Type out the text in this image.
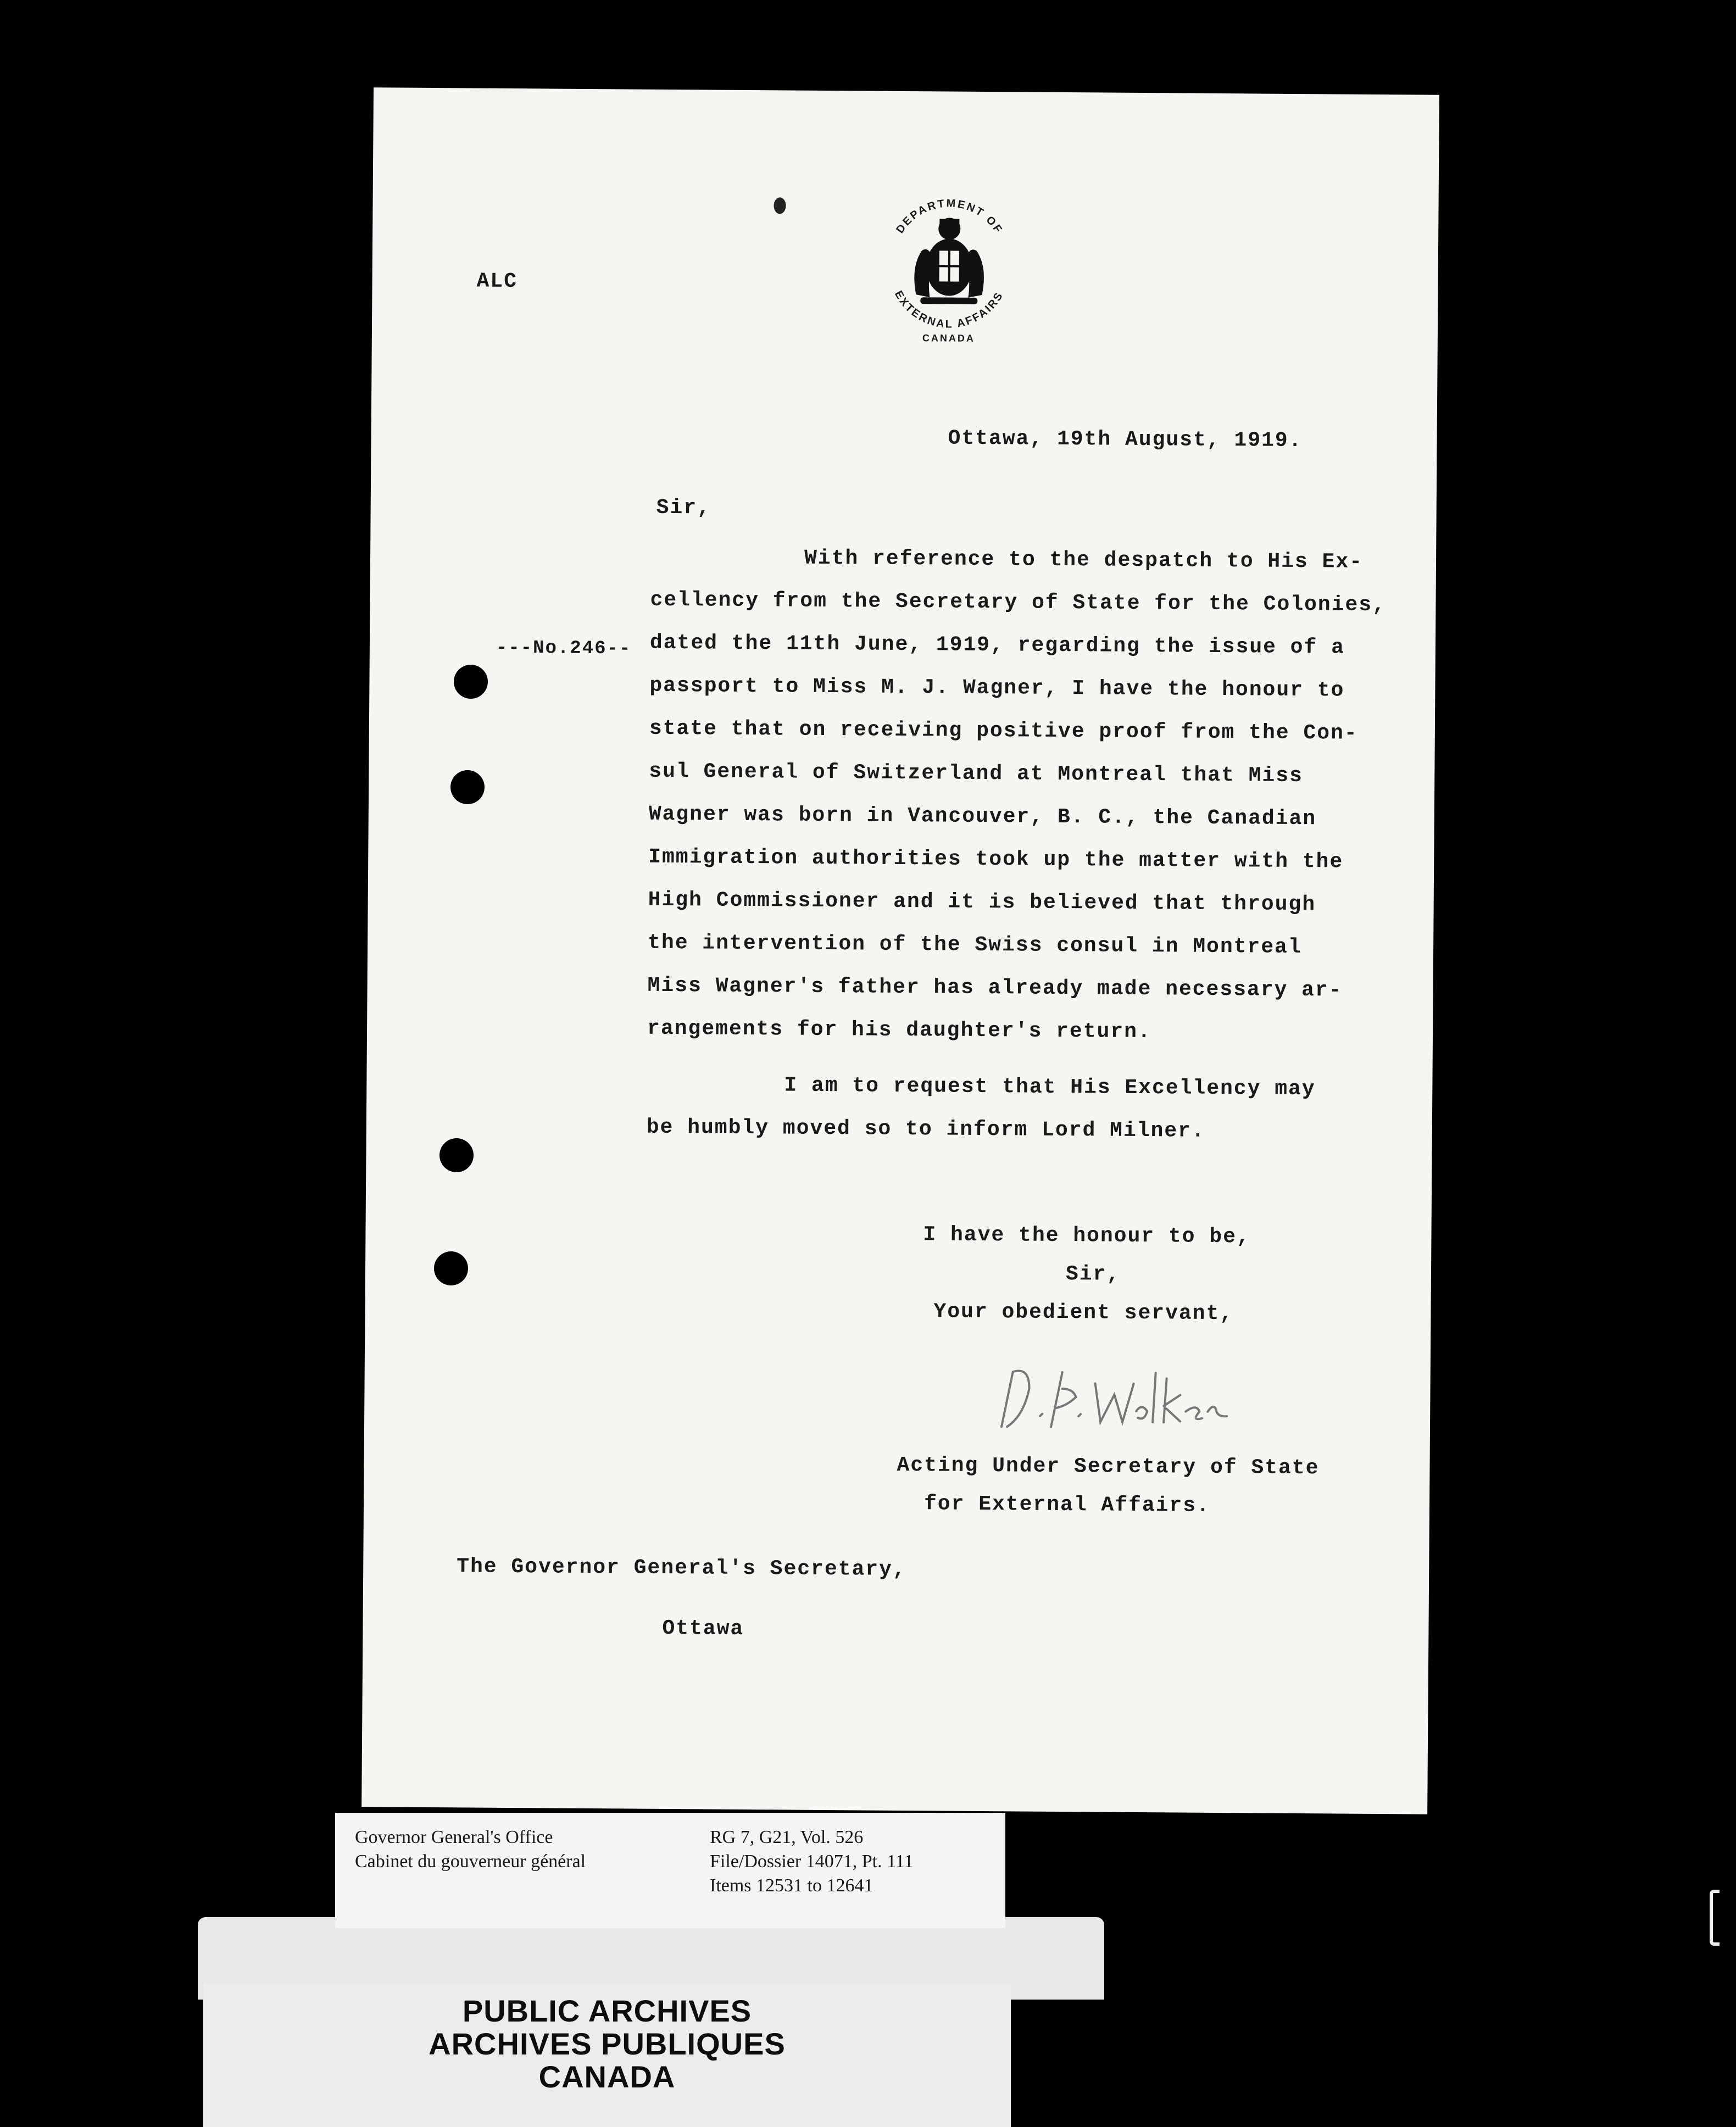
DEPARTMENT OF
EXTERNAL AFFAIRS
CANADA
ALC
Ottawa, 19th August, 1919.
Sir,
---No.246--
With reference to the despatch to His Ex-
cellency from the Secretary of State for the Colonies,
dated the 11th June, 1919, regarding the issue of a
passport to Miss M. J. Wagner, I have the honour to
state that on receiving positive proof from the Con-
sul General of Switzerland at Montreal that Miss
Wagner was born in Vancouver, B. C., the Canadian
Immigration authorities took up the matter with the
High Commissioner and it is believed that through
the intervention of the Swiss consul in Montreal
Miss Wagner's father has already made necessary ar-
rangements for his daughter's return.
I am to request that His Excellency may
be humbly moved so to inform Lord Milner.
I have the honour to be,
Sir,
Your obedient servant,
Acting Under Secretary of State
for External Affairs.
The Governor General's Secretary,
Ottawa
Governor General's Office
Cabinet du gouverneur général
RG 7, G21, Vol. 526
File/Dossier 14071, Pt. 111
Items 12531 to 12641
PUBLIC ARCHIVES
ARCHIVES PUBLIQUES
CANADA
